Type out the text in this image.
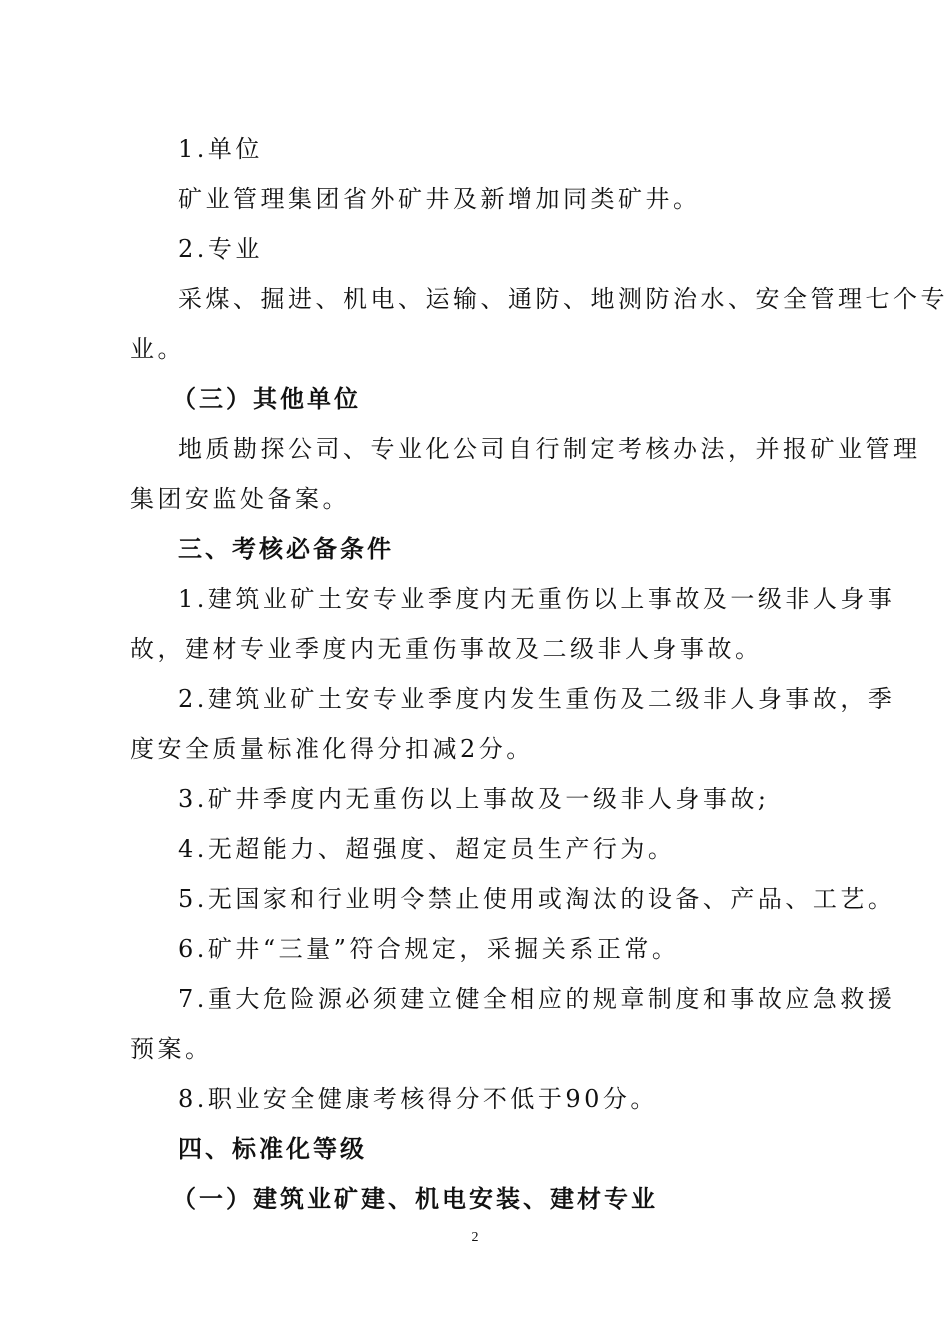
1.单位
矿业管理集团省外矿井及新增加同类矿井。
2.专业
采煤、掘进、机电、运输、通防、地测防治水、安全管理七个专
业。
（三）其他单位
地质勘探公司、专业化公司自行制定考核办法，并报矿业管理
集团安监处备案。
三、考核必备条件
1.建筑业矿土安专业季度内无重伤以上事故及一级非人身事
故，建材专业季度内无重伤事故及二级非人身事故。
2.建筑业矿土安专业季度内发生重伤及二级非人身事故，季
度安全质量标准化得分扣减2分。
3.矿井季度内无重伤以上事故及一级非人身事故;
4.无超能力、超强度、超定员生产行为。
5.无国家和行业明令禁止使用或淘汰的设备、产品、工艺。
6.矿井“三量”符合规定，采掘关系正常。
7.重大危险源必须建立健全相应的规章制度和事故应急救援
预案。
8.职业安全健康考核得分不低于90分。
四、标准化等级
（一）建筑业矿建、机电安装、建材专业
2
